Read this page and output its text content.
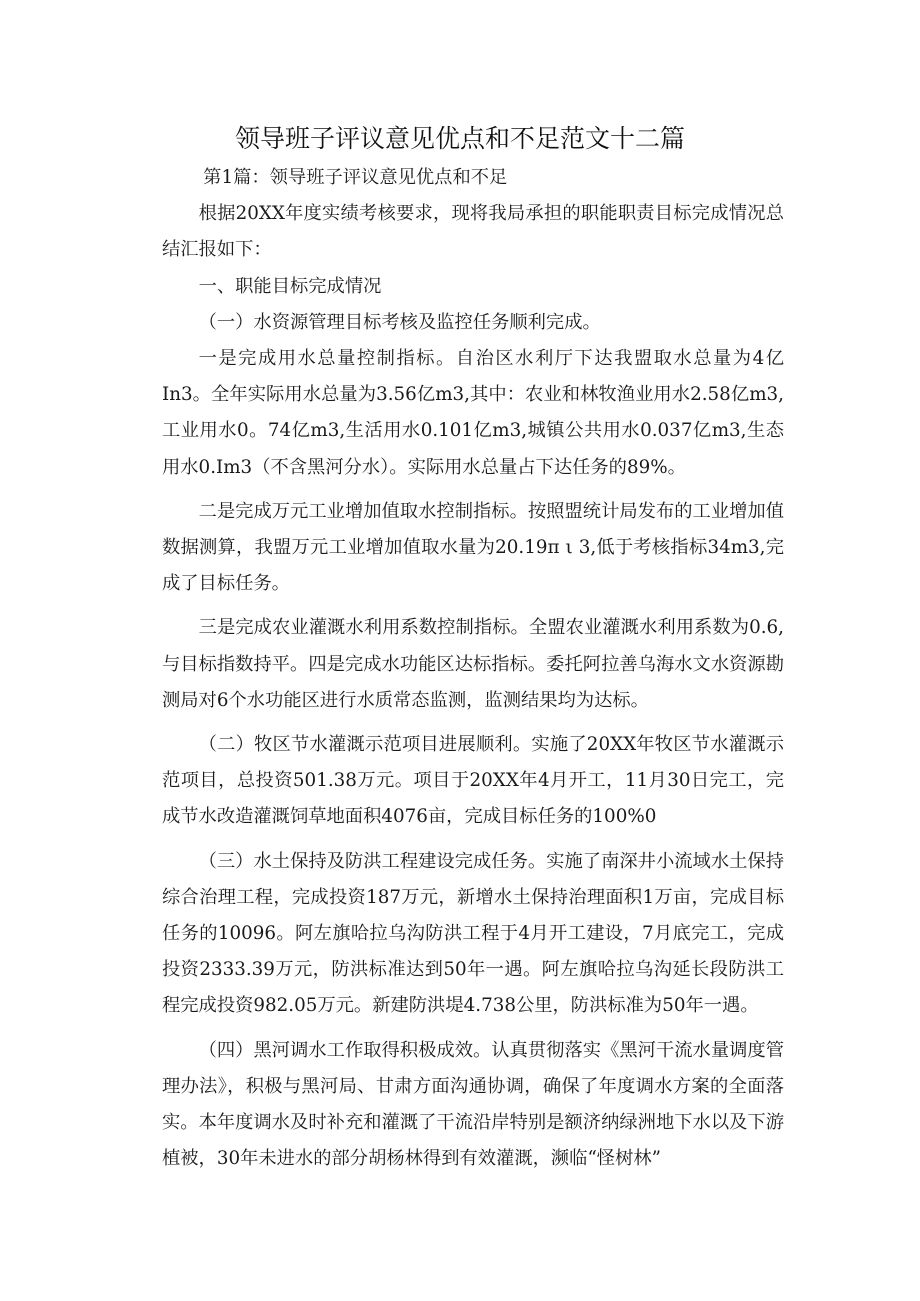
领导班子评议意见优点和不足范文十二篇

第1篇：领导班子评议意见优点和不足

根据20XX年度实绩考核要求，现将我局承担的职能职责目标完成情况总结汇报如下：

一、职能目标完成情况

（一）水资源管理目标考核及监控任务顺利完成。

一是完成用水总量控制指标。自治区水利厅下达我盟取水总量为4亿In3。全年实际用水总量为3.56亿m3,其中：农业和林牧渔业用水2.58亿m3,工业用水0。74亿m3,生活用水0.101亿m3,城镇公共用水0.037亿m3,生态用水0.Im3（不含黑河分水）。实际用水总量占下达任务的89%。

二是完成万元工业增加值取水控制指标。按照盟统计局发布的工业增加值数据测算，我盟万元工业增加值取水量为20.19π ι 3,低于考核指标34m3,完成了目标任务。

三是完成农业灌溉水利用系数控制指标。全盟农业灌溉水利用系数为0.6,与目标指数持平。四是完成水功能区达标指标。委托阿拉善乌海水文水资源勘测局对6个水功能区进行水质常态监测，监测结果均为达标。

（二）牧区节水灌溉示范项目进展顺利。实施了20XX年牧区节水灌溉示范项目，总投资501.38万元。项目于20XX年4月开工，11月30日完工，完成节水改造灌溉饲草地面积4076亩，完成目标任务的100%0

（三）水土保持及防洪工程建设完成任务。实施了南深井小流域水土保持综合治理工程，完成投资187万元，新增水土保持治理面积1万亩，完成目标任务的10096。阿左旗哈拉乌沟防洪工程于4月开工建设，7月底完工，完成投资2333.39万元，防洪标准达到50年一遇。阿左旗哈拉乌沟延长段防洪工程完成投资982.05万元。新建防洪堤4.738公里，防洪标准为50年一遇。

（四）黑河调水工作取得积极成效。认真贯彻落实《黑河干流水量调度管理办法》，积极与黑河局、甘肃方面沟通协调，确保了年度调水方案的全面落实。本年度调水及时补充和灌溉了干流沿岸特别是额济纳绿洲地下水以及下游植被，30年未进水的部分胡杨林得到有效灌溉，濒临“怪树林”
